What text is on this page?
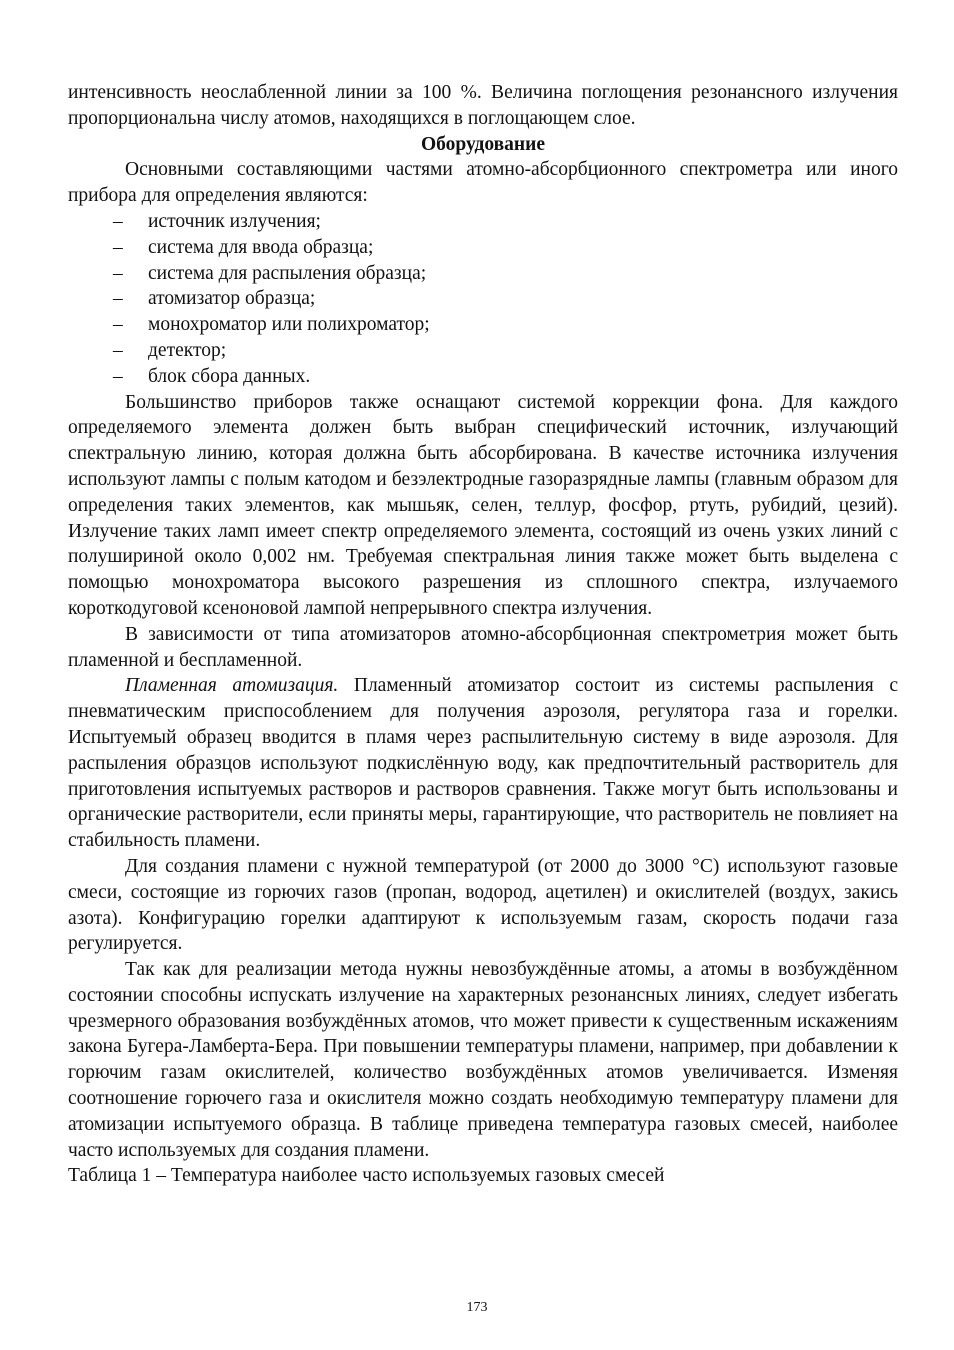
интенсивность неослабленной линии за 100 %. Величина поглощения резонансного излучения пропорциональна числу атомов, находящихся в поглощающем слое.

Оборудование

Основными составляющими частями атомно-абсорбционного спектрометра или иного прибора для определения являются:

– источник излучения;
– система для ввода образца;
– система для распыления образца;
– атомизатор образца;
– монохроматор или полихроматор;
– детектор;
– блок сбора данных.

Большинство приборов также оснащают системой коррекции фона. Для каждого определяемого элемента должен быть выбран специфический источник, излучающий спектральную линию, которая должна быть абсорбирована. В качестве источника излучения используют лампы с полым катодом и безэлектродные газоразрядные лампы (главным образом для определения таких элементов, как мышьяк, селен, теллур, фосфор, ртуть, рубидий, цезий). Излучение таких ламп имеет спектр определяемого элемента, состоящий из очень узких линий с полушириной около 0,002 нм. Требуемая спектральная линия также может быть выделена с помощью монохроматора высокого разрешения из сплошного спектра, излучаемого короткодуговой ксеноновой лампой непрерывного спектра излучения.

В зависимости от типа атомизаторов атомно-абсорбционная спектрометрия может быть пламенной и беспламенной.

Пламенная атомизация. Пламенный атомизатор состоит из системы распыления с пневматическим приспособлением для получения аэрозоля, регулятора газа и горелки. Испытуемый образец вводится в пламя через распылительную систему в виде аэрозоля. Для распыления образцов используют подкислённую воду, как предпочтительный растворитель для приготовления испытуемых растворов и растворов сравнения. Также могут быть использованы и органические растворители, если приняты меры, гарантирующие, что растворитель не повлияет на стабильность пламени.

Для создания пламени с нужной температурой (от 2000 до 3000 °С) используют газовые смеси, состоящие из горючих газов (пропан, водород, ацетилен) и окислителей (воздух, закись азота). Конфигурацию горелки адаптируют к используемым газам, скорость подачи газа регулируется.

Так как для реализации метода нужны невозбуждённые атомы, а атомы в возбуждённом состоянии способны испускать излучение на характерных резонансных линиях, следует избегать чрезмерного образования возбуждённых атомов, что может привести к существенным искажениям закона Бугера-Ламберта-Бера. При повышении температуры пламени, например, при добавлении к горючим газам окислителей, количество возбуждённых атомов увеличивается. Изменяя соотношение горючего газа и окислителя можно создать необходимую температуру пламени для атомизации испытуемого образца. В таблице приведена температура газовых смесей, наиболее часто используемых для создания пламени.

Таблица 1 – Температура наиболее часто используемых газовых смесей

173
